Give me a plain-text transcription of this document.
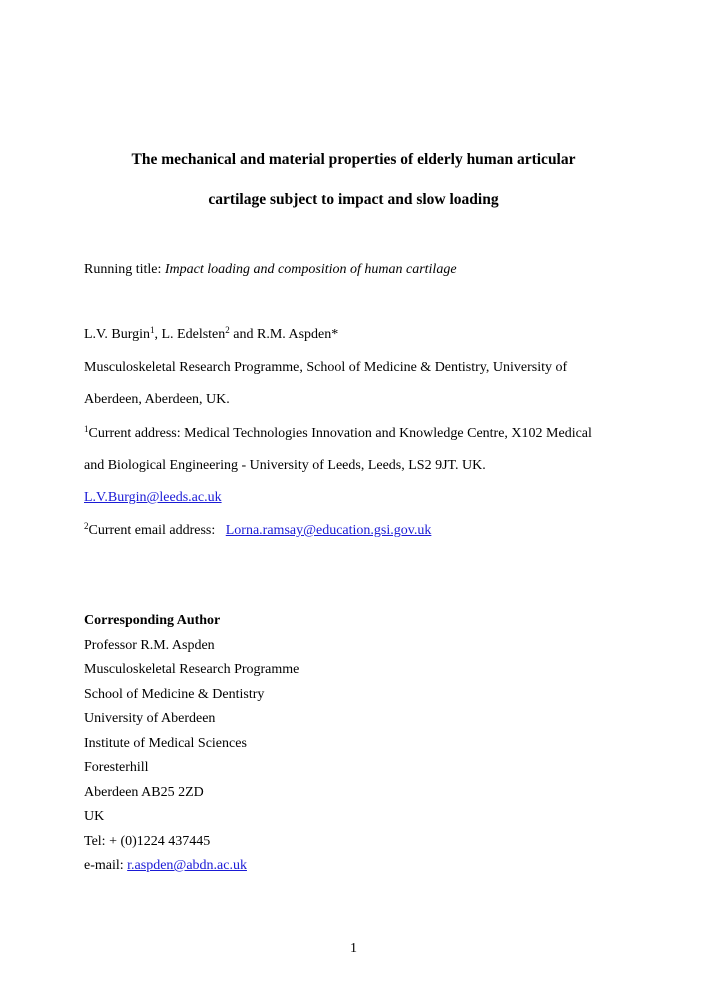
The mechanical and material properties of elderly human articular
cartilage subject to impact and slow loading
Running title: Impact loading and composition of human cartilage
L.V. Burgin$^1$, L. Edelsten$^2$ and R.M. Aspden*
Musculoskeletal Research Programme, School of Medicine & Dentistry, University of
Aberdeen, Aberdeen, UK.
$^1$Current address: Medical Technologies Innovation and Knowledge Centre, X102 Medical
and Biological Engineering - University of Leeds, Leeds, LS2 9JT. UK.
L.V.Burgin@leeds.ac.uk
$^2$Current email address:   Lorna.ramsay@education.gsi.gov.uk
Corresponding Author
Professor R.M. Aspden
Musculoskeletal Research Programme
School of Medicine & Dentistry
University of Aberdeen
Institute of Medical Sciences
Foresterhill
Aberdeen AB25 2ZD
UK
Tel: + (0)1224 437445
e-mail: r.aspden@abdn.ac.uk
1
